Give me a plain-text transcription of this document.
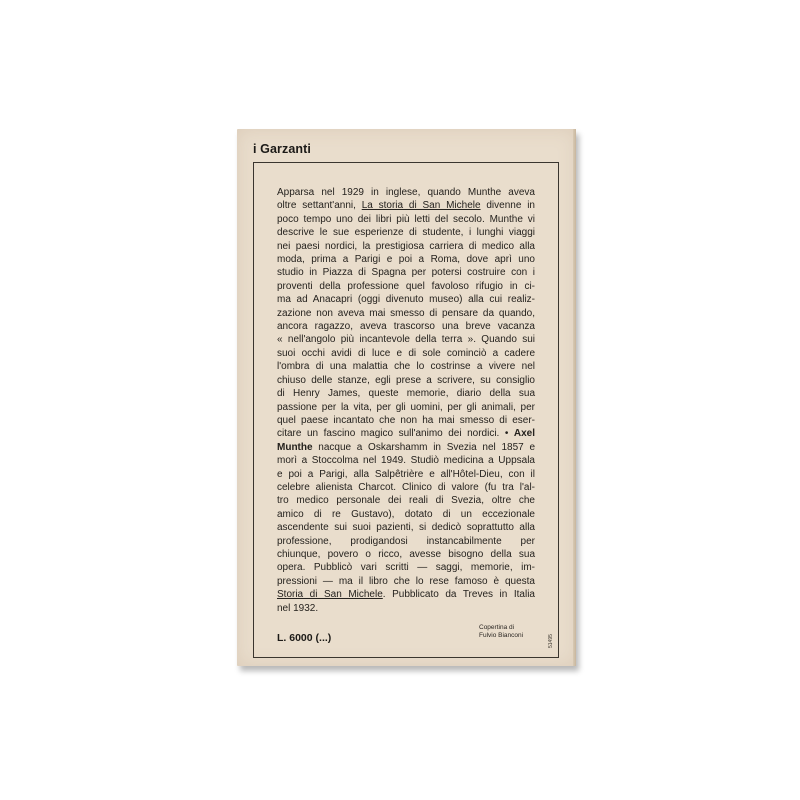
i Garzanti
Apparsa nel 1929 in inglese, quando Munthe aveva
oltre settant'anni, La storia di San Michele divenne in
poco tempo uno dei libri più letti del secolo. Munthe vi
descrive le sue esperienze di studente, i lunghi viaggi
nei paesi nordici, la prestigiosa carriera di medico alla
moda, prima a Parigi e poi a Roma, dove aprì uno
studio in Piazza di Spagna per potersi costruire con i
proventi della professione quel favoloso rifugio in ci-
ma ad Anacapri (oggi divenuto museo) alla cui realiz-
zazione non aveva mai smesso di pensare da quando,
ancora ragazzo, aveva trascorso una breve vacanza
« nell'angolo più incantevole della terra ». Quando sui
suoi occhi avidi di luce e di sole cominciò a cadere
l'ombra di una malattia che lo costrinse a vivere nel
chiuso delle stanze, egli prese a scrivere, su consiglio
di Henry James, queste memorie, diario della sua
passione per la vita, per gli uomini, per gli animali, per
quel paese incantato che non ha mai smesso di eser-
citare un fascino magico sull'animo dei nordici. • Axel
Munthe nacque a Oskarshamm in Svezia nel 1857 e
morì a Stoccolma nel 1949. Studiò medicina a Uppsala
e poi a Parigi, alla Salpêtrière e all'Hôtel-Dieu, con il
celebre alienista Charcot. Clinico di valore (fu tra l'al-
tro medico personale dei reali di Svezia, oltre che
amico di re Gustavo), dotato di un eccezionale
ascendente sui suoi pazienti, si dedicò soprattutto alla
professione, prodigandosi instancabilmente per
chiunque, povero o ricco, avesse bisogno della sua
opera. Pubblicò vari scritti — saggi, memorie, im-
pressioni — ma il libro che lo rese famoso è questa
Storia di San Michele. Pubblicato da Treves in Italia
nel 1932.
L. 6000 (...)
Copertina di
Fulvio Bianconi	51495
